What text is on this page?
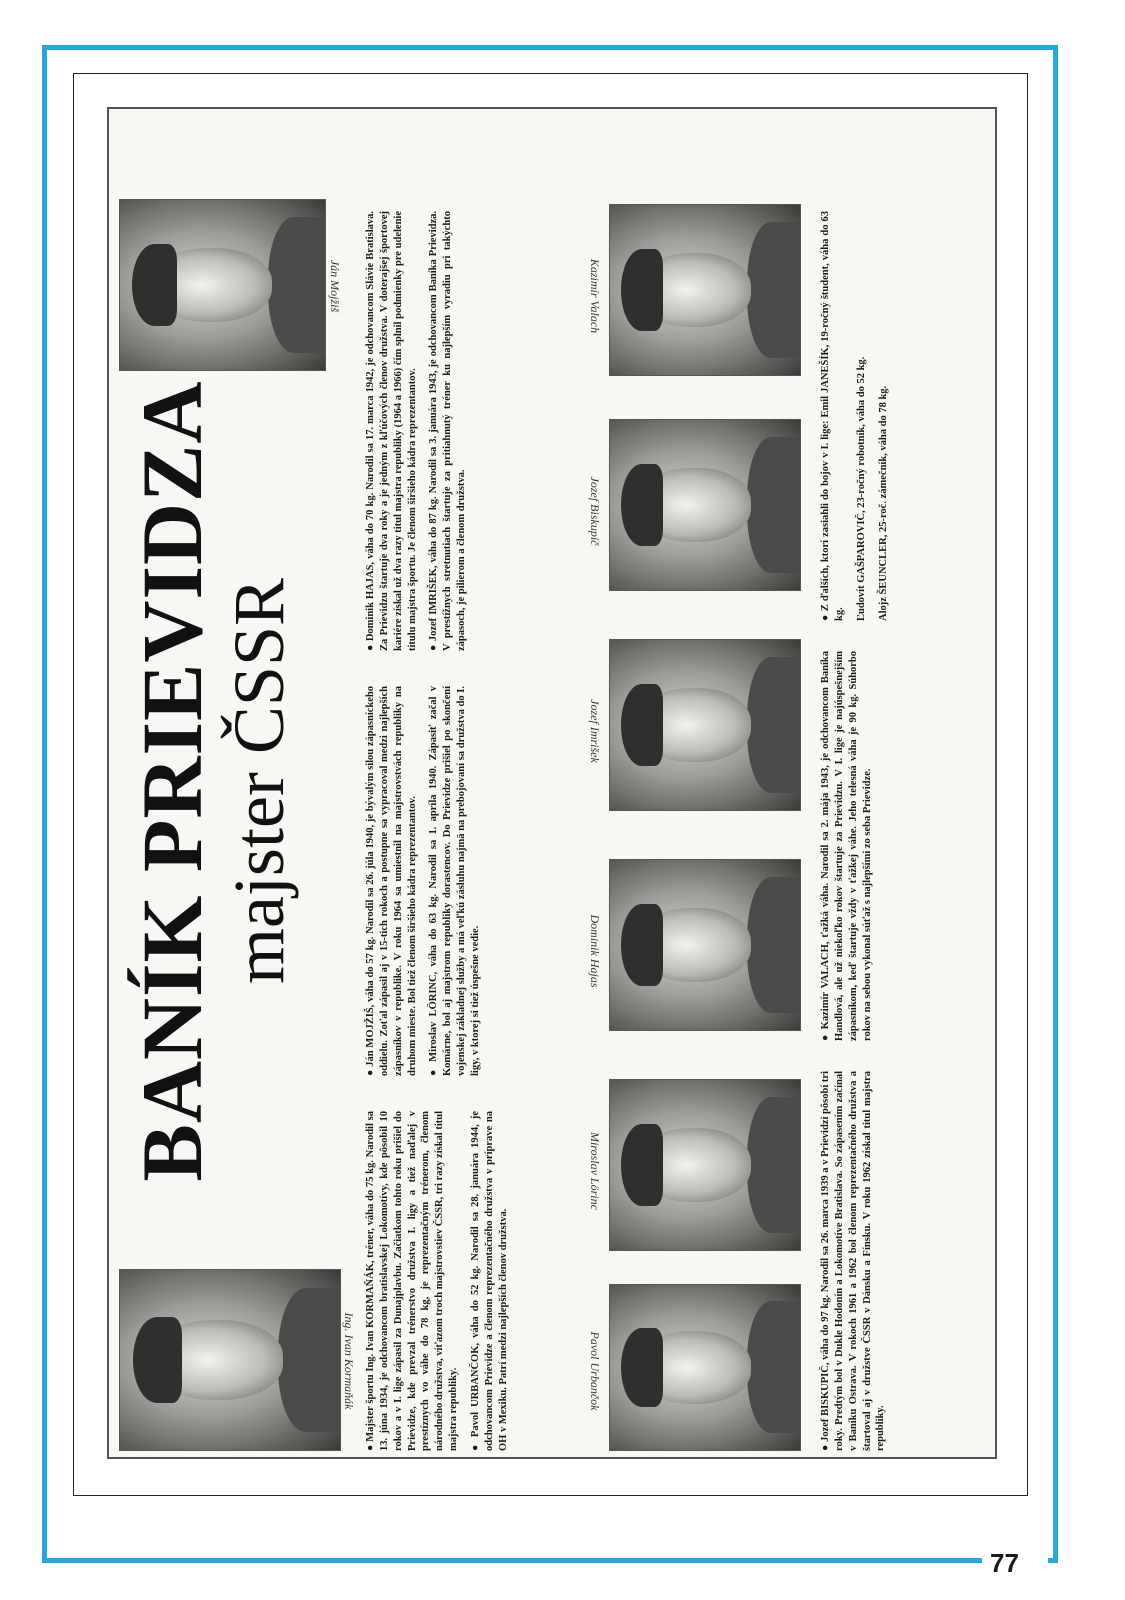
77
Ing. Ivan Kormaňák
BANÍK PRIEVIDZA majster ČSSR
Ján Mojžiš

● Majster športu Ing. Ivan KORMAŇÁK, tréner, váha do 75 kg. Narodil sa 13. júna 1934, je odchovancom bratislavskej Lokomotívy, kde pôsobil 10 rokov a v I. lige zápasil za Dunajplavbu. Začiatkom tohto roku prišiel do Prievidze, kde prevzal trénerstvo družstva I. ligy a tiež naďalej v prestíznych vo váhe do 78 kg, je reprezentačným trénerom, členom národného družstva, víťazom troch majstrovstiev ČSSR, tri razy získal titul majstra republiky. ● Pavol URBANČOK, váha do 52 kg. Narodil sa 28. januára 1944, je odchovancom Prievidze a členom reprezentačného družstva v príprave na OH v Mexiku. Patrí medzi najlepších členov družstva.

● Ján MOJŽIŠ, váha do 57 kg. Narodil sa 26. júla 1940, je bývalým silou zápasníckeho oddielu. Zoťal zápasil aj v 15-tich rokoch a postupne sa vypracoval medzi najlepších zápasníkov v republike. V roku 1964 sa umiestnil na majstrovstvách republiky na druhom mieste. Bol tiež členom širšieho kádra reprezentantov. ● Miroslav LÖRINC, váha do 63 kg. Narodil sa 1. apríla 1940. Zápasiť začal v Komárne, bol aj majstrom republiky dorastencov. Do Prievidze prišiel po skončení vojenskej základnej služby a má veľkú zásluhu najmä na prebojovaní sa družstva do I. ligy, v ktorej si tiež úspešne vedie.

● Dominik HAJAS, váha do 70 kg. Narodil sa 17. marca 1942, je odchovancom Slávie Bratislava. Za Prievidzu štartuje dva roky a je jedným z kľúčových členov družstva. V doterajšej športovej kariére získal už dva razy titul majstra republiky (1964 a 1966) čím splnil podmienky pre udelenie titulu majstra športu. Je členom širšieho kádra reprezentantov. ● Jozef IMRIŠEK, váha do 87 kg. Narodil sa 3. januára 1943, je odchovancom Baníka Prievidza. V prestížnych stretnutiach štartuje za pritiahnutý tréner ku najlepším vyradiu pri takýchto zápasoch, je pilierom a členom družstva.

Pavol Urbančok
Miroslav Lörinc
Dominik Hajas
Jozef Imrišek
Jozef Biskupič
Kazimír Valach

● Jozef BISKUPIČ, váha do 97 kg. Narodil sa 26. marca 1939 a v Prievidzi pôsobí tri roky. Predtým bol v Dukle Hodonín a Lokomotíve Bratislava. So zápasením začínal v Baníku Ostrava. V rokoch 1961 a 1962 bol členom reprezentačného družstva a štartoval aj v družstve ČSSR v Dánsku a Fínsku. V roku 1962 získal titul majstra republiky.

● Kazimír VALACH, ťažká váha. Narodil sa 2. mája 1943, je odchovancom Baníka Handlová, ale už niekoľko rokov štartuje za Prievidzu. V I. lige je najúspešnejším zápasníkom, keď štartuje vždy v ťažkej váhe. Jeho telesná váha je 90 kg. Súhorbo rokov na sebou vykonal súťaž s najlepšími zo seba Prievidze.

● Z ďalších, ktorí zasiahli do bojov v I. lige: Emil JANEŠÍK, 19-ročný študent, váha do 63 kg. Ľudovít GAŠPAROVIČ, 23-ročný robotník, váha do 52 kg. Alojz ŠEUNCLER, 25-roč. zámečník, váha do 78 kg.
